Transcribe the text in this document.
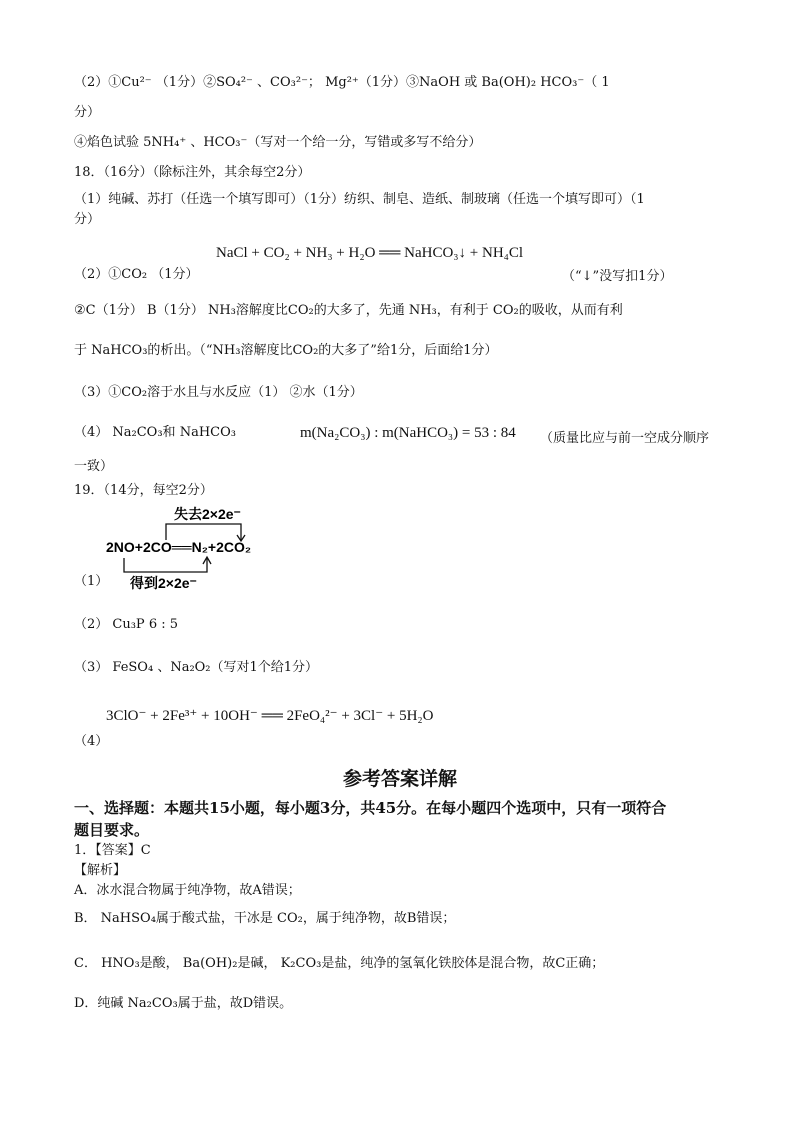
（2）①Cu²⁻ （1分）②SO₄²⁻ 、CO₃²⁻； Mg²⁺（1分）③NaOH 或 Ba(OH)₂ HCO₃⁻（ 1
分）
④焰色试验 5NH₄⁺ 、HCO₃⁻（写对一个给一分，写错或多写不给分）
18．（16分）（除标注外，其余每空2分）
（1）纯碱、苏打（任选一个填写即可）（1分）纺织、制皂、造纸、制玻璃（任选一个填写即可）（1
分）
NaCl + CO₂ + NH₃ + H₂O ══ NaHCO₃↓ + NH₄Cl
（2）①CO₂ （1分）	（“↓”没写扣1分）
②C（1分） B（1分） NH₃溶解度比CO₂的大多了，先通 NH₃，有利于 CO₂的吸收，从而有利
于 NaHCO₃的析出。（“NH₃溶解度比CO₂的大多了”给1分，后面给1分）
（3）①CO₂溶于水且与水反应（1） ②水（1分）
（4） Na₂CO₃和 NaHCO₃	m(Na₂CO₃) : m(NaHCO₃) = 53 : 84 （质量比应与前一空成分顺序
一致）
19．（14分，每空2分）
失去2×2e⁻
2NO+2CO══N₂+2CO₂
得到2×2e⁻
（1）
（2） Cu₃P 6 : 5
（3） FeSO₄ 、Na₂O₂（写对1个给1分）
3ClO⁻ + 2Fe³⁺ + 10OH⁻ ══ 2FeO₄²⁻ + 3Cl⁻ + 5H₂O
（4）
参考答案详解
一、选择题：本题共15小题，每小题3分，共45分。在每小题四个选项中，只有一项符合
题目要求。
1．【答案】C
【解析】
A．冰水混合物属于纯净物，故A错误；
B． NaHSO₄属于酸式盐，干冰是 CO₂，属于纯净物，故B错误；
C． HNO₃是酸， Ba(OH)₂是碱， K₂CO₃是盐，纯净的氢氧化铁胶体是混合物，故C正确；
D．纯碱 Na₂CO₃属于盐，故D错误。
